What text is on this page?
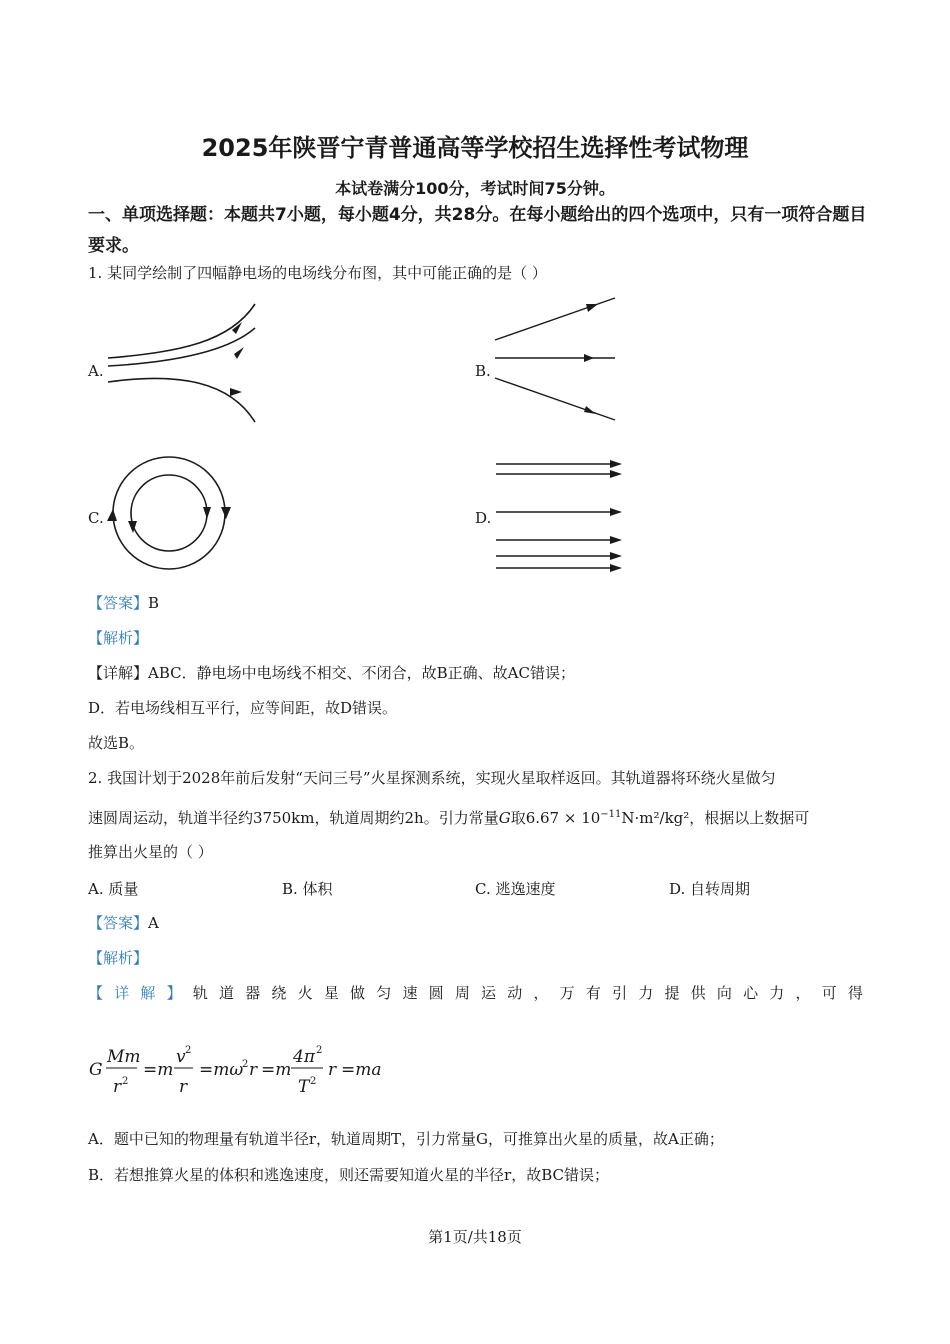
2025年陕晋宁青普通高等学校招生选择性考试物理
本试卷满分100分，考试时间75分钟。
一、单项选择题：本题共7小题，每小题4分，共28分。在每小题给出的四个选项中，只有一项符合题目要求。
1. 某同学绘制了四幅静电场的电场线分布图，其中可能正确的是（ ）
A.	B.
C.	D.
【答案】B
【解析】
【详解】ABC．静电场中电场线不相交、不闭合，故B正确、故AC错误；
D．若电场线相互平行，应等间距，故D错误。
故选B。
2. 我国计划于2028年前后发射“天问三号”火星探测系统，实现火星取样返回。其轨道器将环绕火星做匀
速圆周运动，轨道半径约3750km，轨道周期约2h。引力常量G取$6.67 \times 10^{-11}N\cdot m^2$/kg²，根据以上数据可
推算出火星的（ ）
A. 质量	B. 体积	C. 逃逸速度	D. 自转周期
【答案】A
【解析】
【 详 解 】 轨 道 器 绕 火 星 做 匀 速 圆 周 运 动 ， 万 有 引 力 提 供 向 心 力 ， 可 得
G
Mm
r 2
=m
v 2
r
=mω
2 r =m
4π 2
T 2
r =ma
A．题中已知的物理量有轨道半径r，轨道周期T，引力常量G，可推算出火星的质量，故A正确；
B．若想推算火星的体积和逃逸速度，则还需要知道火星的半径r，故BC错误；
第1页/共18页
